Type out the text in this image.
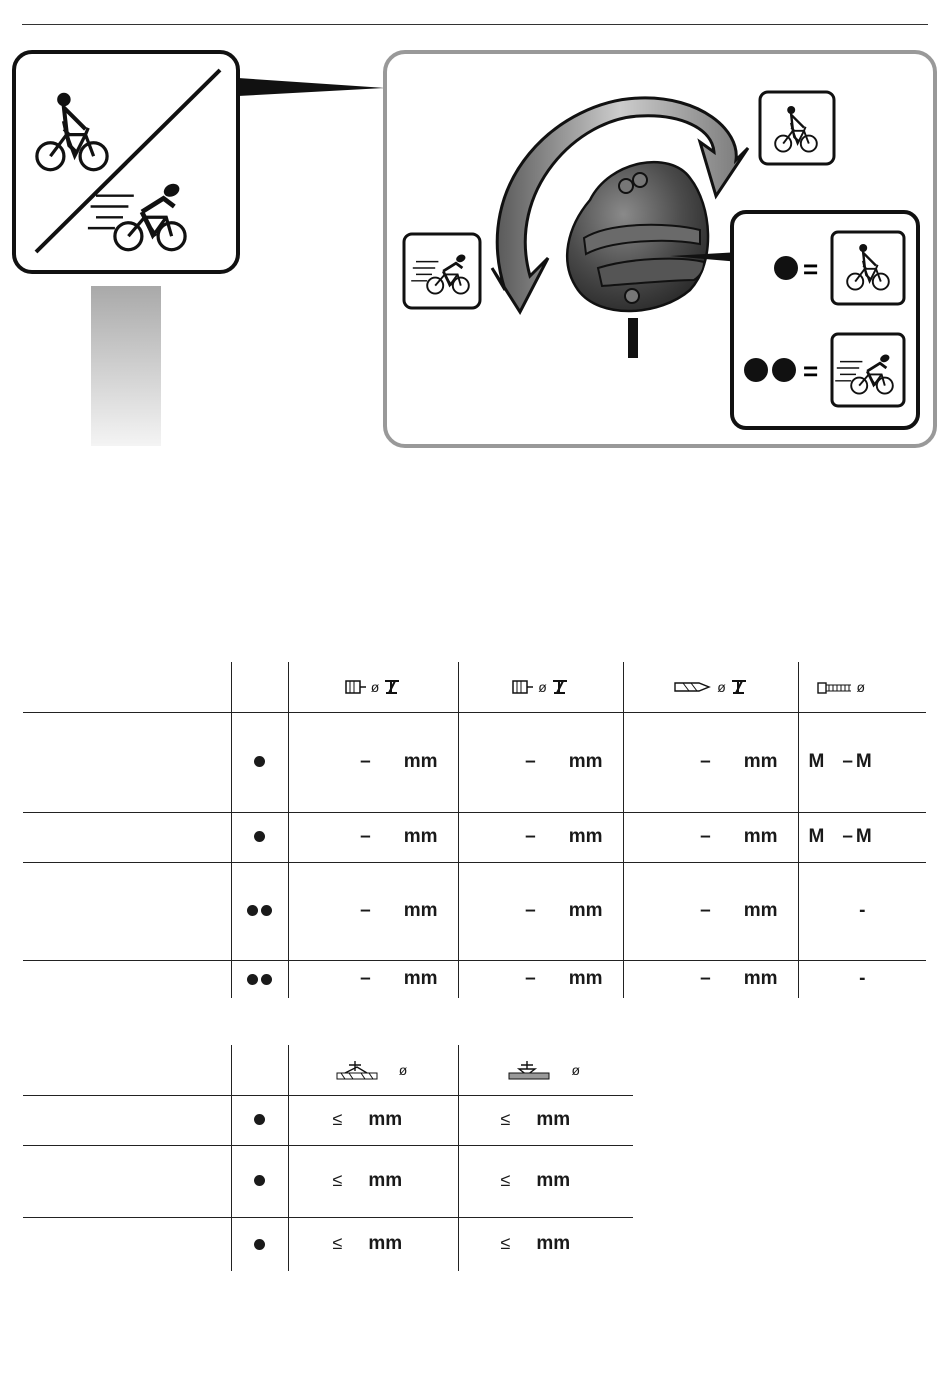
=
=

		ø	ø	ø	ø

		– mm	– mm	– mm	M – M

		– mm	– mm	– mm	M – M

		– mm	– mm	– mm	-

		– mm	– mm	– mm	-

		ø	ø

		≤ mm	≤ mm
		≤ mm	≤ mm
		≤ mm	≤ mm
